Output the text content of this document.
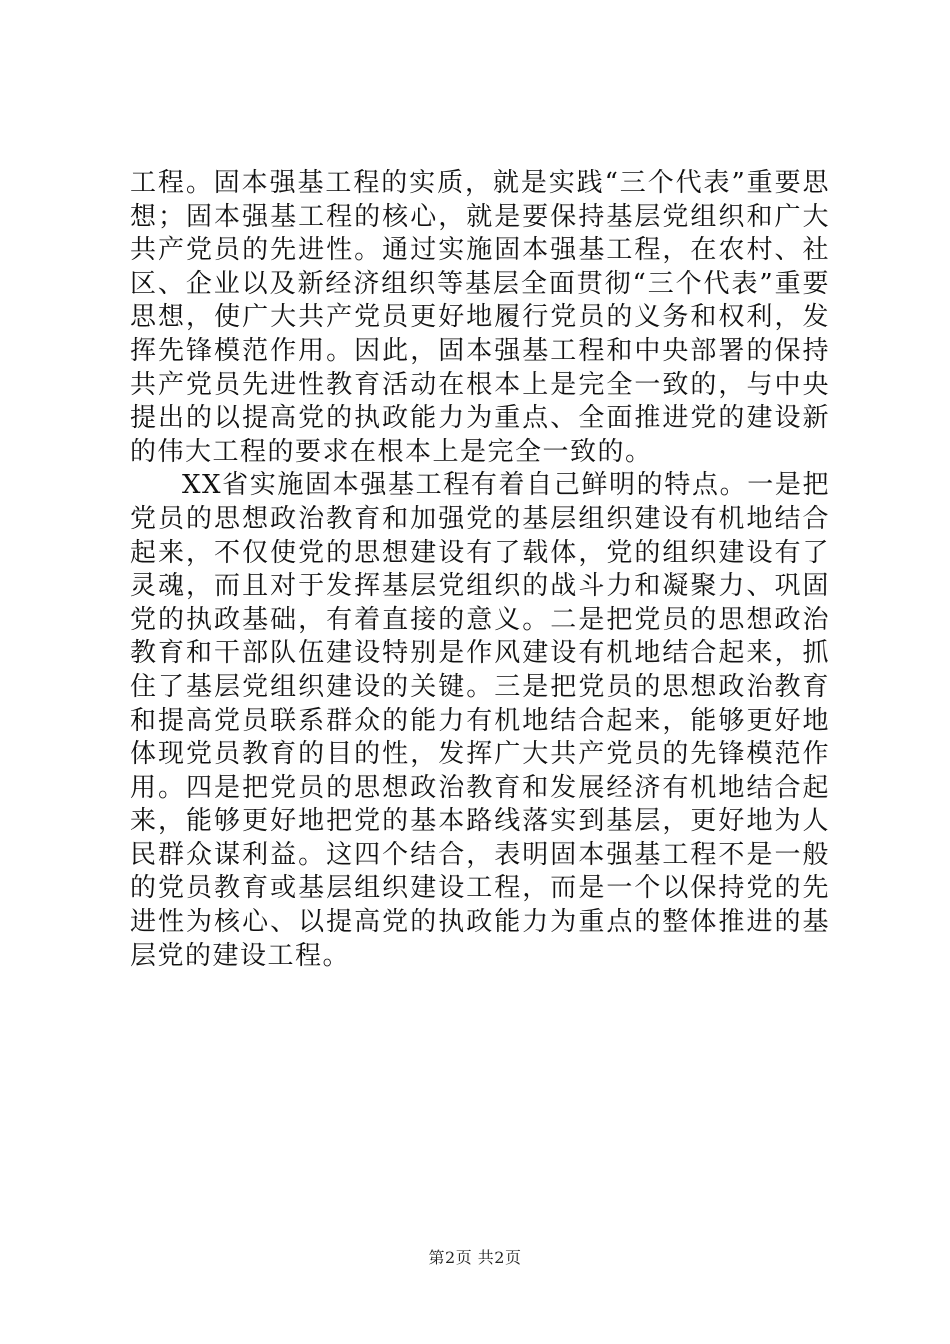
工程。固本强基工程的实质，就是实践“三个代表”重要思想；固本强基工程的核心，就是要保持基层党组织和广大共产党员的先进性。通过实施固本强基工程，在农村、社区、企业以及新经济组织等基层全面贯彻“三个代表”重要思想，使广大共产党员更好地履行党员的义务和权利，发挥先锋模范作用。因此，固本强基工程和中央部署的保持共产党员先进性教育活动在根本上是完全一致的，与中央提出的以提高党的执政能力为重点、全面推进党的建设新的伟大工程的要求在根本上是完全一致的。

XX省实施固本强基工程有着自己鲜明的特点。一是把党员的思想政治教育和加强党的基层组织建设有机地结合起来，不仅使党的思想建设有了载体，党的组织建设有了灵魂，而且对于发挥基层党组织的战斗力和凝聚力、巩固党的执政基础，有着直接的意义。二是把党员的思想政治教育和干部队伍建设特别是作风建设有机地结合起来，抓住了基层党组织建设的关键。三是把党员的思想政治教育和提高党员联系群众的能力有机地结合起来，能够更好地体现党员教育的目的性，发挥广大共产党员的先锋模范作用。四是把党员的思想政治教育和发展经济有机地结合起来，能够更好地把党的基本路线落实到基层，更好地为人民群众谋利益。这四个结合，表明固本强基工程不是一般的党员教育或基层组织建设工程，而是一个以保持党的先进性为核心、以提高党的执政能力为重点的整体推进的基层党的建设工程。

第2页 共2页
